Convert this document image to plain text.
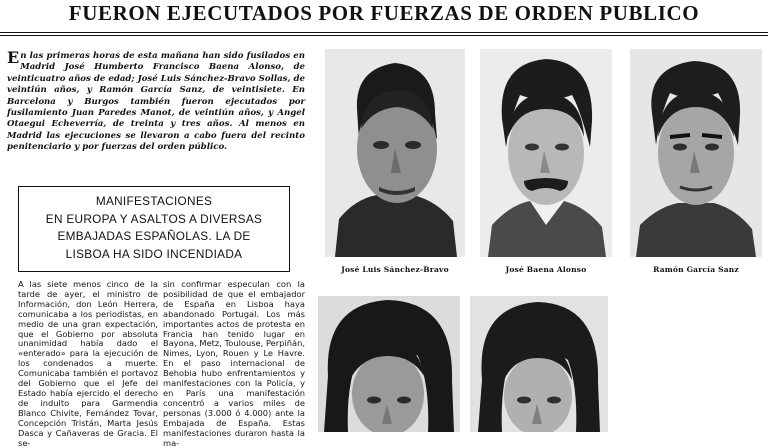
FUERON EJECUTADOS POR FUERZAS DE ORDEN PUBLICO
En las primeras horas de esta mañana han sido fusilados en Madrid José Humberto Francisco Baena Alonso, de veinticuatro años de edad; José Luis Sánchez-Bravo Sollas, de veintiún años, y Ramón García Sanz, de veintisiete. En Barcelona y Burgos también fueron ejecutados por fusilamiento Juan Paredes Manot, de veintiún años, y Angel Otaegui Echeverría, de treinta y tres años. Al menos en Madrid las ejecuciones se llevaron a cabo fuera del recinto penitenciario y por fuerzas del orden público.
MANIFESTACIONES
EN EUROPA Y ASALTOS A DIVERSAS
EMBAJADAS ESPAÑOLAS. LA DE
LISBOA HA SIDO INCENDIADA
A las siete menos cinco de la tarde de ayer, el ministro de Información, don León Herrera, comunicaba a los periodistas, en medio de una gran expectación, que el Gobierno por absoluta unanimidad había dado el «enterado» para la ejecución de los condenados a muerte. Comunicaba también el portavoz del Gobierno que el Jefe del Estado había ejercido el derecho de indulto para Garmendia Blanco Chivite, Fernández Tovar, Concepción Tristán, Marta Jesús Dasca y Cañaveras de Gracia. El se-
sin confirmar especulan con la posibilidad de que el embajador de España en Lisboa haya abandonado Portugal. Los más importantes actos de protesta en Francia han tenido lugar en Bayona, Metz, Toulouse, Perpiñán, Nimes, Lyon, Rouen y Le Havre. En el paso internacional de Behobia hubo enfrentamientos y manifestaciones con la Policía, y en París una manifestación concentró a varios miles de personas (3.000 ó 4.000) ante la Embajada de España. Estas manifestaciones duraron hasta la ma-
José Luis Sánchez-Bravo	José Baena Alonso	Ramón García Sanz
